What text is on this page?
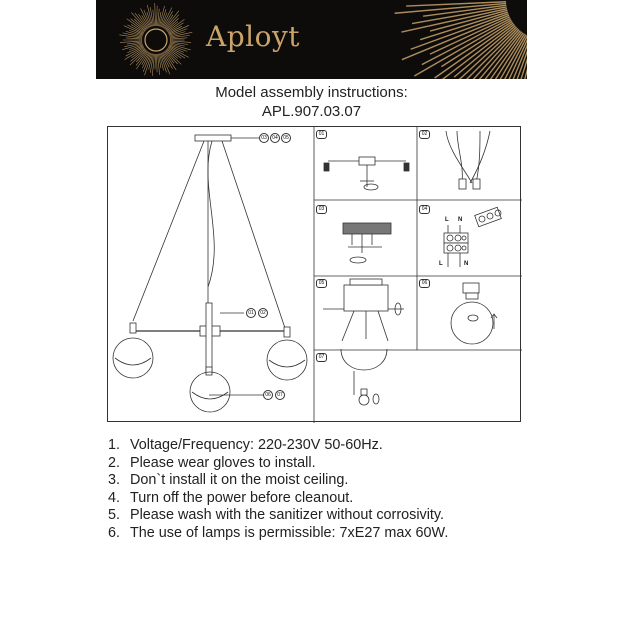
Aployt
Model assembly instructions:
APL.907.03.07
03	04	05
01	02
06	07
01	02
03	04
05	06
07
L N
L	N
1. Voltage/Frequency: 220-230V 50-60Hz.
2. Please wear gloves to install.
3. Don`t install it on the moist ceiling.
4. Turn off the power before cleanout.
5. Please wash with the sanitizer without corrosivity.
6. The use of lamps is permissible: 7xE27 max 60W.
